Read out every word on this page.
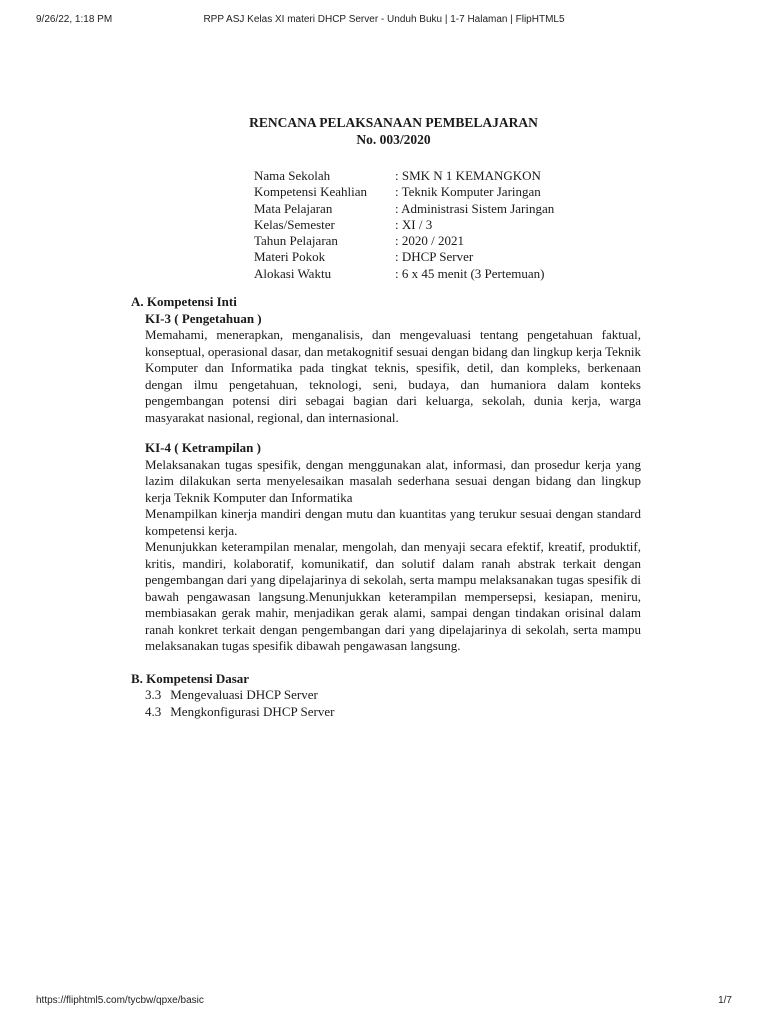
9/26/22, 1:18 PM	RPP ASJ Kelas XI materi DHCP Server - Unduh Buku | 1-7 Halaman | FlipHTML5
RENCANA PELAKSANAAN PEMBELAJARAN
No. 003/2020
Nama Sekolah	: SMK N 1 KEMANGKON
Kompetensi Keahlian	: Teknik Komputer Jaringan
Mata Pelajaran	: Administrasi Sistem Jaringan
Kelas/Semester	: XI / 3
Tahun Pelajaran	: 2020 / 2021
Materi Pokok	: DHCP Server
Alokasi Waktu	: 6 x 45 menit (3 Pertemuan)
A. Kompetensi Inti
KI-3 ( Pengetahuan )
Memahami, menerapkan, menganalisis, dan mengevaluasi tentang pengetahuan faktual, konseptual, operasional dasar, dan metakognitif sesuai dengan bidang dan lingkup kerja Teknik Komputer dan Informatika pada tingkat teknis, spesifik, detil, dan kompleks, berkenaan dengan ilmu pengetahuan, teknologi, seni, budaya, dan humaniora dalam konteks pengembangan potensi diri sebagai bagian dari keluarga, sekolah, dunia kerja, warga masyarakat nasional, regional, dan internasional.
KI-4 ( Ketrampilan )
Melaksanakan tugas spesifik, dengan menggunakan alat, informasi, dan prosedur kerja yang lazim dilakukan serta menyelesaikan masalah sederhana sesuai dengan bidang dan lingkup kerja Teknik Komputer dan Informatika
Menampilkan kinerja mandiri dengan mutu dan kuantitas yang terukur sesuai dengan standard kompetensi kerja.
Menunjukkan keterampilan menalar, mengolah, dan menyaji secara efektif, kreatif, produktif, kritis, mandiri, kolaboratif, komunikatif, dan solutif dalam ranah abstrak terkait dengan pengembangan dari yang dipelajarinya di sekolah, serta mampu melaksanakan tugas spesifik di bawah pengawasan langsung.Menunjukkan keterampilan mempersepsi, kesiapan, meniru, membiasakan gerak mahir, menjadikan gerak alami, sampai dengan tindakan orisinal dalam ranah konkret terkait dengan pengembangan dari yang dipelajarinya di sekolah, serta mampu melaksanakan tugas spesifik dibawah pengawasan langsung.
B. Kompetensi Dasar
3.3 Mengevaluasi DHCP Server
4.3 Mengkonfigurasi DHCP Server
https://fliphtml5.com/tycbw/qpxe/basic	1/7
